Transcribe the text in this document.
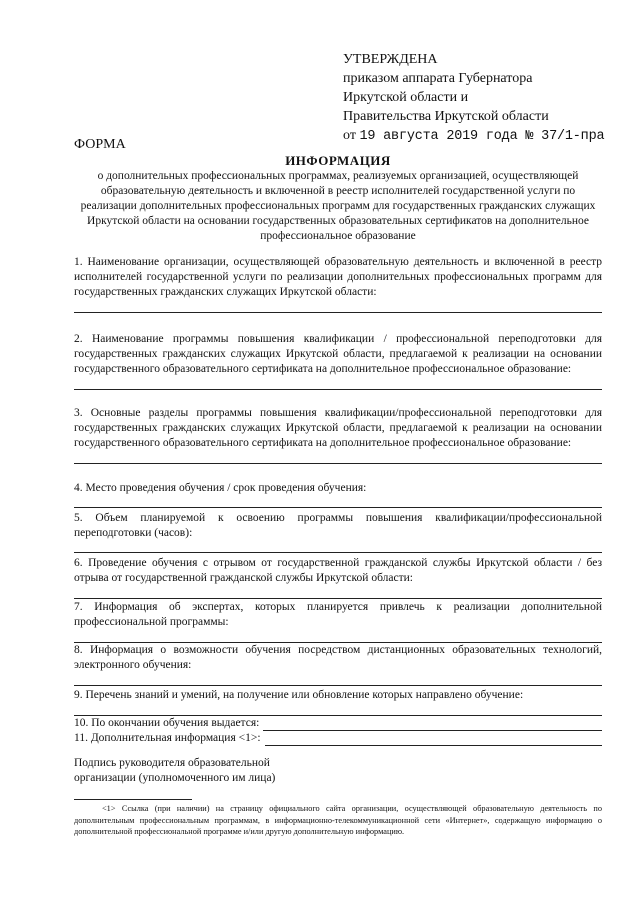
УТВЕРЖДЕНА
приказом аппарата Губернатора
Иркутской области и
Правительства Иркутской области
от 19 августа 2019 года № 37/1-пра
ФОРМА
ИНФОРМАЦИЯ
о дополнительных профессиональных программах, реализуемых организацией, осуществляющей образовательную деятельность и включенной в реестр исполнителей государственной услуги по реализации дополнительных профессиональных программ для государственных гражданских служащих Иркутской области на основании государственных образовательных сертификатов на дополнительное профессиональное образование

1. Наименование организации, осуществляющей образовательную деятельность и включенной в реестр исполнителей государственной услуги по реализации дополнительных профессиональных программ для государственных гражданских служащих Иркутской области:

2. Наименование программы повышения квалификации / профессиональной переподготовки для государственных гражданских служащих Иркутской области, предлагаемой к реализации на основании государственного образовательного сертификата на дополнительное профессиональное образование:

3. Основные разделы программы повышения квалификации/профессиональной переподготовки для государственных гражданских служащих Иркутской области, предлагаемой к реализации на основании государственного образовательного сертификата на дополнительное профессиональное образование:

4. Место проведения обучения / срок проведения обучения:

5. Объем планируемой к освоению программы повышения квалификации/профессиональной переподготовки (часов):

6. Проведение обучения с отрывом от государственной гражданской службы Иркутской области / без отрыва от государственной гражданской службы Иркутской области:

7. Информация об экспертах, которых планируется привлечь к реализации дополнительной профессиональной программы:

8. Информация о возможности обучения посредством дистанционных образовательных технологий, электронного обучения:

9. Перечень знаний и умений, на получение или обновление которых направлено обучение:

10. По окончании обучения выдается:
11. Дополнительная информация <1>:
Подпись руководителя образовательной
организации (уполномоченного им лица)
<1> Ссылка (при наличии) на страницу официального сайта организации, осуществляющей образовательную деятельность по дополнительным профессиональным программам, в информационно-телекоммуникационной сети «Интернет», содержащую информацию о дополнительной профессиональной программе и/или другую дополнительную информацию.
